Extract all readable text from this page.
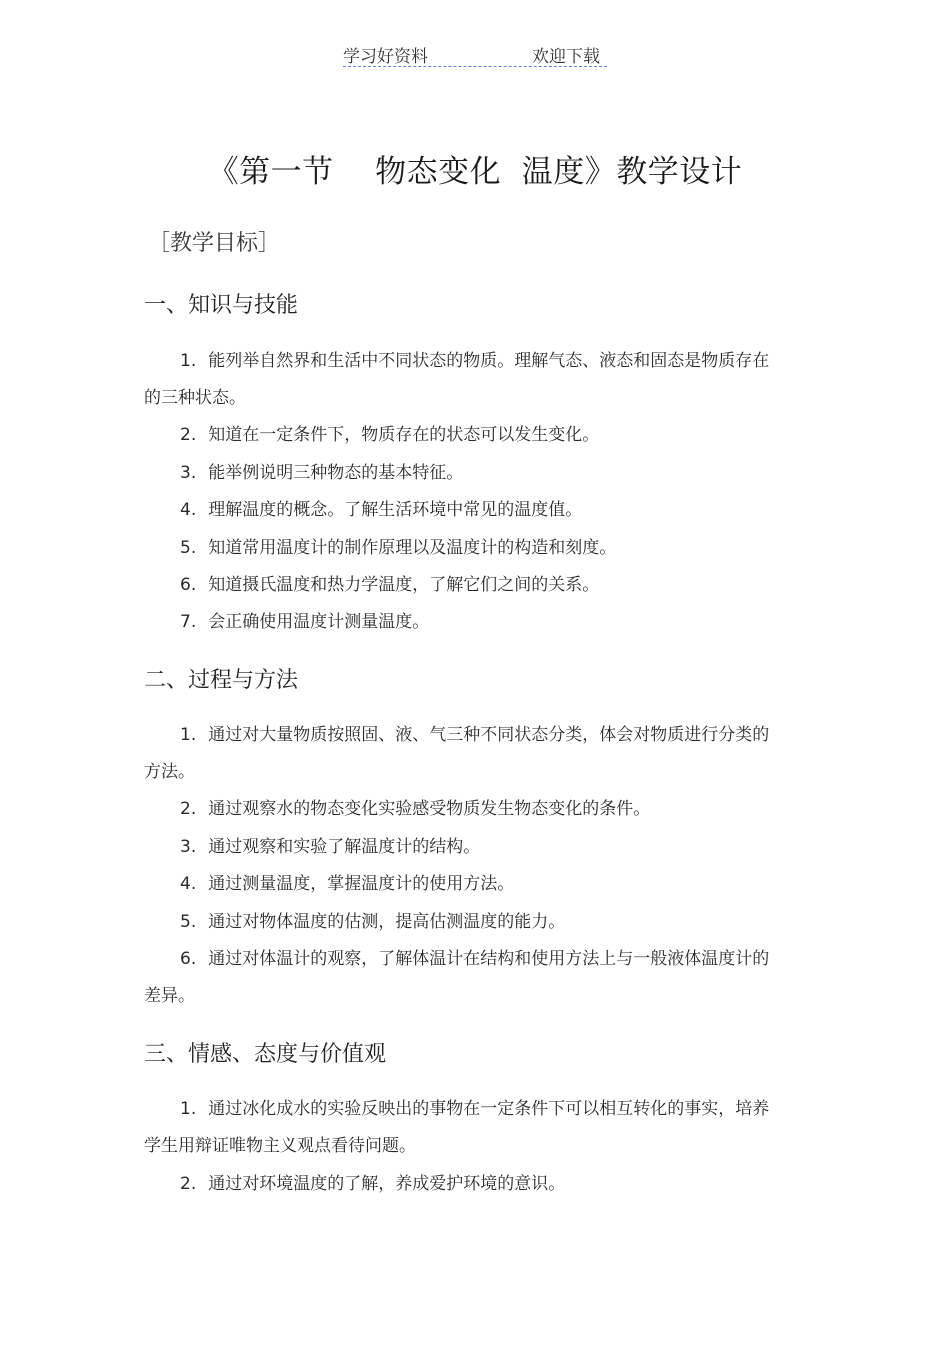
学习好资料	欢迎下载
《第一节    物态变化  温度》教学设计
［教学目标］
一、知识与技能

1. 能列举自然界和生活中不同状态的物质。理解气态、液态和固态是物质存在的三种状态。

2. 知道在一定条件下，物质存在的状态可以发生变化。

3. 能举例说明三种物态的基本特征。

4. 理解温度的概念。了解生活环境中常见的温度值。

5. 知道常用温度计的制作原理以及温度计的构造和刻度。

6. 知道摄氏温度和热力学温度，了解它们之间的关系。

7. 会正确使用温度计测量温度。

二、过程与方法

1. 通过对大量物质按照固、液、气三种不同状态分类，体会对物质进行分类的方法。

2. 通过观察水的物态变化实验感受物质发生物态变化的条件。

3. 通过观察和实验了解温度计的结构。

4. 通过测量温度，掌握温度计的使用方法。

5. 通过对物体温度的估测，提高估测温度的能力。

6. 通过对体温计的观察，了解体温计在结构和使用方法上与一般液体温度计的差异。

三、情感、态度与价值观

1. 通过冰化成水的实验反映出的事物在一定条件下可以相互转化的事实，培养学生用辩证唯物主义观点看待问题。

2. 通过对环境温度的了解，养成爱护环境的意识。
